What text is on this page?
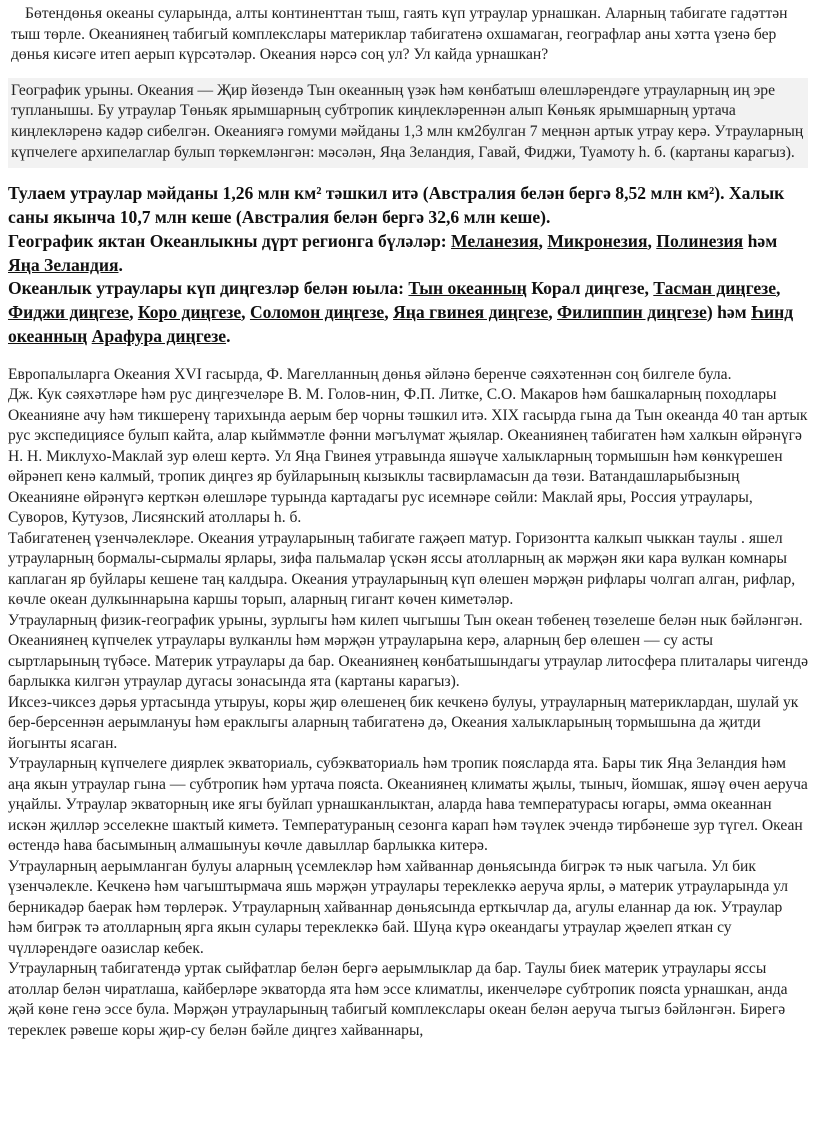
Бөтендөнья океаны суларында, алты континенттан тыш, гаять күп утраулар урнашкан. Аларның табигате гадәттән тыш төрле. Океаниянең табигый комплекслары материклар табигатенә охшамаган, географлар аны хәтта үзенә бер дөнья кисәге итеп аерып күрсәтәләр. Океания нәрсә соң ул? Ул кайда урнашкан?

Географик урыны. Океания — Җир йөзендә Тын океанның үзәк һәм көнбатыш өлешләрендәге утрауларның иң эре тупланышы. Бу утраулар Төньяк ярымшарның субтропик киңлекләреннән алып Көньяк ярымшарның уртача киңлекләренә кадәр сибелгән. Океаниягә гомуми мәйданы 1,3 млн км2булган 7 меңнән артык утрау керә. Утрауларның күпчелеге архипелаглар булып төркемләнгән: мәсәлән, Яңа Зеландия, Гавай, Фиджи, Туамоту һ. б. (картаны карагыз).
Тулаем утраулар мәйданы 1,26 млн км² тәшкил итә (Австралия белән бергә 8,52 млн км²). Халык саны якынча 10,7 млн кеше (Австралия белән бергә 32,6 млн кеше).
Географик яктан Океанлыкны дүрт регионга бүләләр: Меланезия, Микронезия, Полинезия һәм Яңа Зеландия.
Океанлык утраулары күп диңгезләр белән юыла: Тын океанның Корал диңгезе, Тасман диңгезе, Фиджи диңгезе, Коро диңгезе, Соломон диңгезе, Яңа гвинея диңгезе, Филиппин диңгезе) һәм Һинд океанның Арафура диңгезе.

Европалыларга Океания XVI гасырда, Ф. Магелланның дөнья әйләнә беренче сәяхәтеннән соң билгеле була.

Дж. Кук сәяхәтләре һәм рус диңгезчеләре В. М. Голов-нин, Ф.П. Литке, С.О. Макаров һәм башкаларның походлары Океанияне ачу һәм тикшеренү тарихында аерым бер чорны тәшкил итә. XIX гасырда гына да Тын океанда 40 тан артык рус экспедициясе булып кайта, алар кыйммәтле фәнни мәгълүмат җыялар. Океаниянең табигатен һәм халкын өйрәнүгә Н. Н. Миклухо-Маклай зур өлеш кертә. Ул Яңа Гвинея утравында яшәүче халыкларның тормышын һәм көнкүрешен өйрәнеп кенә калмый, тропик диңгез яр буйларының кызыклы тасвирламасын да төзи. Ватандашларыбызның Океанияне өйрәнүгә керткән өлешләре турында картадагы рус исемнәре сөйли: Маклай яры, Россия утраулары, Суворов, Кутузов, Лисянский атоллары һ. б.

Табигатенең үзенчәлекләре. Океания утрауларының табигате гаҗәеп матур. Горизонтта калкып чыккан таулы . яшел утрауларның бормалы-сырмалы ярлары, зифа пальмалар үскән яссы атолларның ак мәрҗән яки кара вулкан комнары каплаган яр буйлары кешене таң калдыра. Океания утрауларының күп өлешен мәрҗән рифлары чолгап алган, рифлар, көчле океан дулкыннарына каршы торып, аларның гигант көчен киметәләр.

Утрауларның физик-географик урыны, зурлыгы һәм килеп чыгышы Тын океан төбенең төзелеше белән нык бәйләнгән. Океаниянең күпчелек утраулары вулканлы һәм мәрҗән утрауларына керә, аларның бер өлешен — су асты сыртларының түбәсе. Материк утраулары да бар. Океаниянең көнбатышындагы утраулар литосфера плиталары чигендә барлыкка килгән утраулар дугасы зонасында ята (картаны карагыз).

Иксез-чиксез дәрья уртасында утыруы, коры җир өлешенең бик кечкенә булуы, утрауларның материклардан, шулай ук бер-берсеннән аерымлануы һәм ераклыгы аларның табигатенә дә, Океания халыкларының тормышына да җитди йогынты ясаган.

Утрауларның күпчелеге диярлек экваториаль, субэкваториаль һәм тропик поясларда ята. Бары тик Яңа Зеландия һәм аңа якын утраулар гына — субтропик һәм уртача поясta. Океаниянең климаты җылы, тыныч, йомшак, яшәү өчен аеруча уңайлы. Утраулар экваторның ике ягы буйлап урнашканлыктан, аларда һава температурасы югары, әмма океаннан искән җилләр эсселекне шактый киметә. Температураның сезонга карап һәм тәүлек эчендә тирбәнеше зур түгел. Океан өстендә һава басымының алмашынуы көчле давыллар барлыкка китерә.

Утрауларның аерымланган булуы аларның үсемлекләр һәм хайваннар дөньясында бигрәк тә нык чагыла. Ул бик үзенчәлекле. Кечкенә һәм чагыштырмача яшь мәрҗән утраулары тереклеккә аеруча ярлы, ә материк утрауларында ул берникадәр баерак һәм төрлерәк. Утрауларның хайваннар дөньясында ерткычлар да, агулы еланнар да юк. Утраулар һәм бигрәк тә атолларның ярга якын сулары тереклеккә бай. Шуңа күрә океандагы утраулар җәелеп яткан су чүлләрендәге оазислар кебек.

Утрауларның табигатендә уртак сыйфатлар белән бергә аерымлыклар да бар. Таулы биек материк утраулары яссы атоллар белән чиратлаша, кайберләре экваторда ята һәм эссе климатлы, икенчеләре субтропик поясta урнашкан, анда җәй көне генә эссе була. Мәрҗән утрауларының табигый комплекслары океан белән аеруча тыгыз бәйләнгән. Бирегә тереклек рәвеше коры җир-су белән бәйле диңгез хайваннары,
